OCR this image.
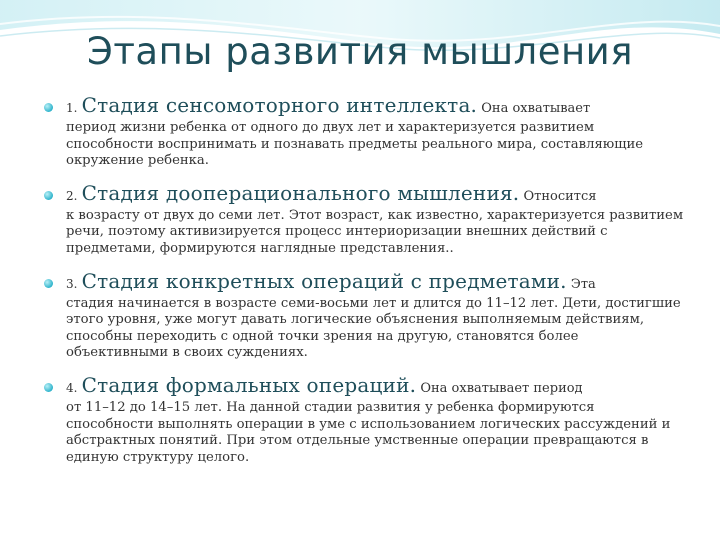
Этапы развития мышления
1. Стадия сенсомоторного интеллекта. Она охватывает
период жизни ребенка от одного до двух лет и характеризуется развитием способности воспринимать и познавать предметы реального мира, составляющие окружение ребенка.
2. Стадия дооперационального мышления. Относится
к возрасту от двух до семи лет. Этот возраст, как известно, характеризуется развитием речи, поэтому активизируется процесс интериоризации внешних действий с предметами, формируются наглядные представления..
3. Стадия конкретных операций с предметами. Эта
стадия начинается в возрасте семи-восьми лет и длится до 11–12 лет. Дети, достигшие этого уровня, уже могут давать логические объяснения выполняемым действиям, способны переходить с одной точки зрения на другую, становятся более объективными в своих суждениях.
4. Стадия формальных операций. Она охватывает период
от 11–12 до 14–15 лет. На данной стадии развития у ребенка формируются способности выполнять операции в уме с использованием логических рассуждений и абстрактных понятий. При этом отдельные умственные операции превращаются в единую структуру целого.
